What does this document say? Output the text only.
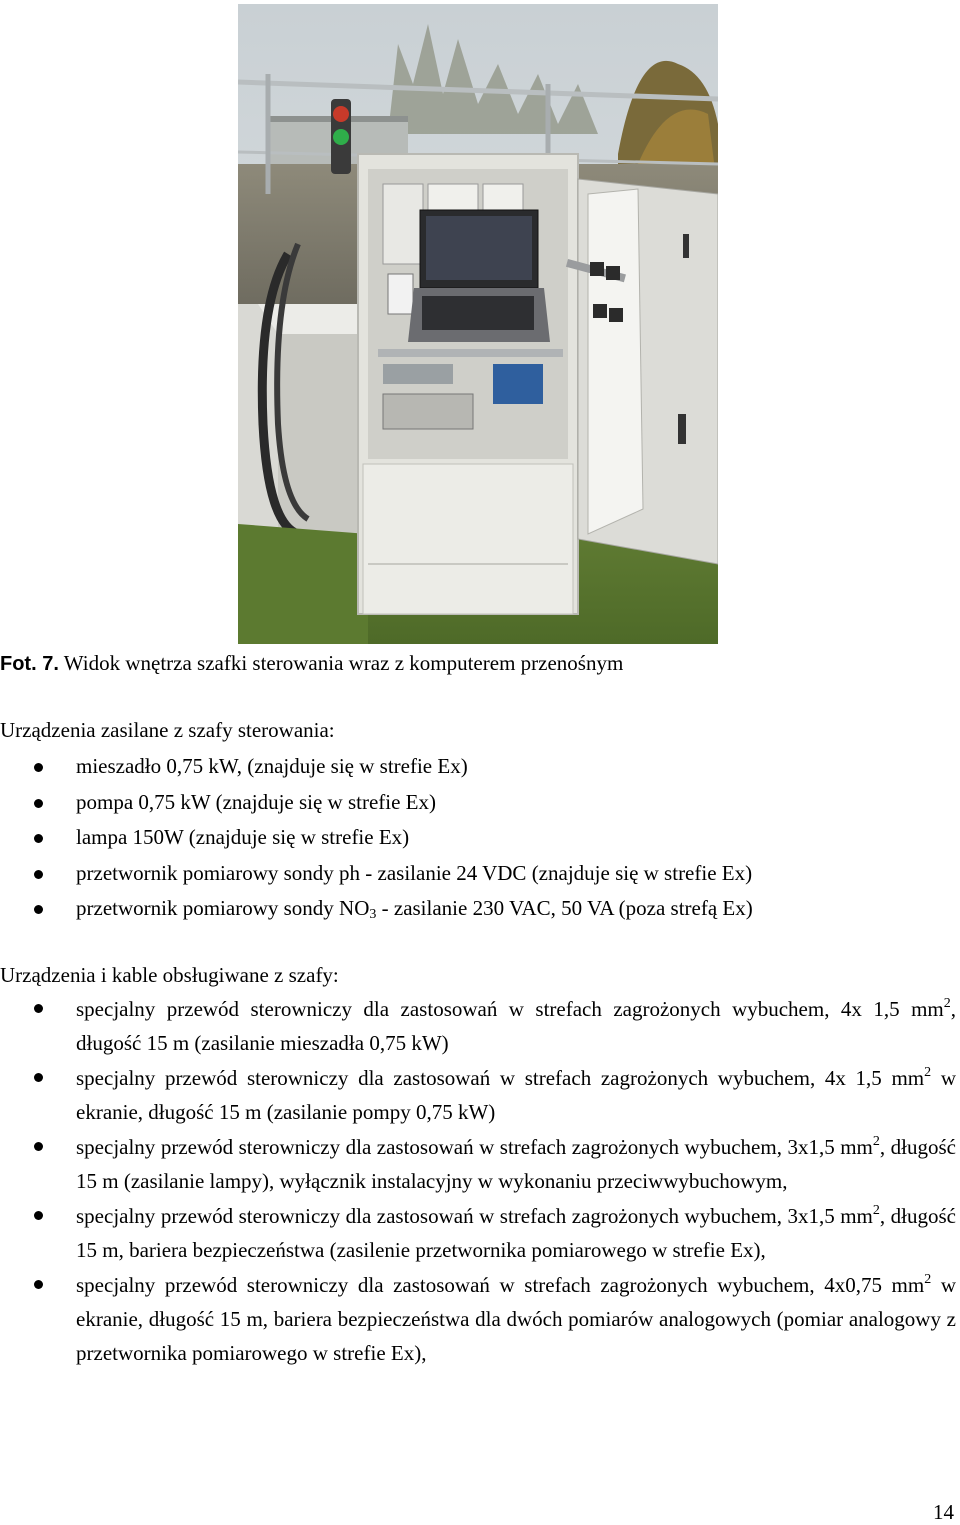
Fot. 7. Widok wnętrza szafki sterowania wraz z komputerem przenośnym
Urządzenia zasilane z szafy sterowania:
mieszadło 0,75 kW, (znajduje się w strefie Ex)
pompa 0,75 kW (znajduje się w strefie Ex)
lampa 150W (znajduje się w strefie Ex)
przetwornik pomiarowy sondy ph - zasilanie 24 VDC (znajduje się w strefie Ex)
przetwornik pomiarowy sondy $NO_3$ - zasilanie 230 VAC, 50 VA (poza strefą Ex)
Urządzenia i kable obsługiwane z szafy:
specjalny przewód sterowniczy dla zastosowań w strefach zagrożonych wybuchem, 4x 1,5 $mm^2$, długość 15 m (zasilanie mieszadła 0,75 kW)
specjalny przewód sterowniczy dla zastosowań w strefach zagrożonych wybuchem, 4x 1,5 $mm^2$ w ekranie, długość 15 m (zasilanie pompy 0,75 kW)
specjalny przewód sterowniczy dla zastosowań w strefach zagrożonych wybuchem, 3x1,5 $mm^2$, długość 15 m (zasilanie lampy), wyłącznik instalacyjny w wykonaniu przeciwwybuchowym,
specjalny przewód sterowniczy dla zastosowań w strefach zagrożonych wybuchem, 3x1,5 $mm^2$, długość 15 m, bariera bezpieczeństwa (zasilenie przetwornika pomiarowego w strefie Ex),
specjalny przewód sterowniczy dla zastosowań w strefach zagrożonych wybuchem, 4x0,75 $mm^2$ w ekranie, długość 15 m, bariera bezpieczeństwa dla dwóch pomiarów analogowych (pomiar analogowy z przetwornika pomiarowego w strefie Ex),
14
